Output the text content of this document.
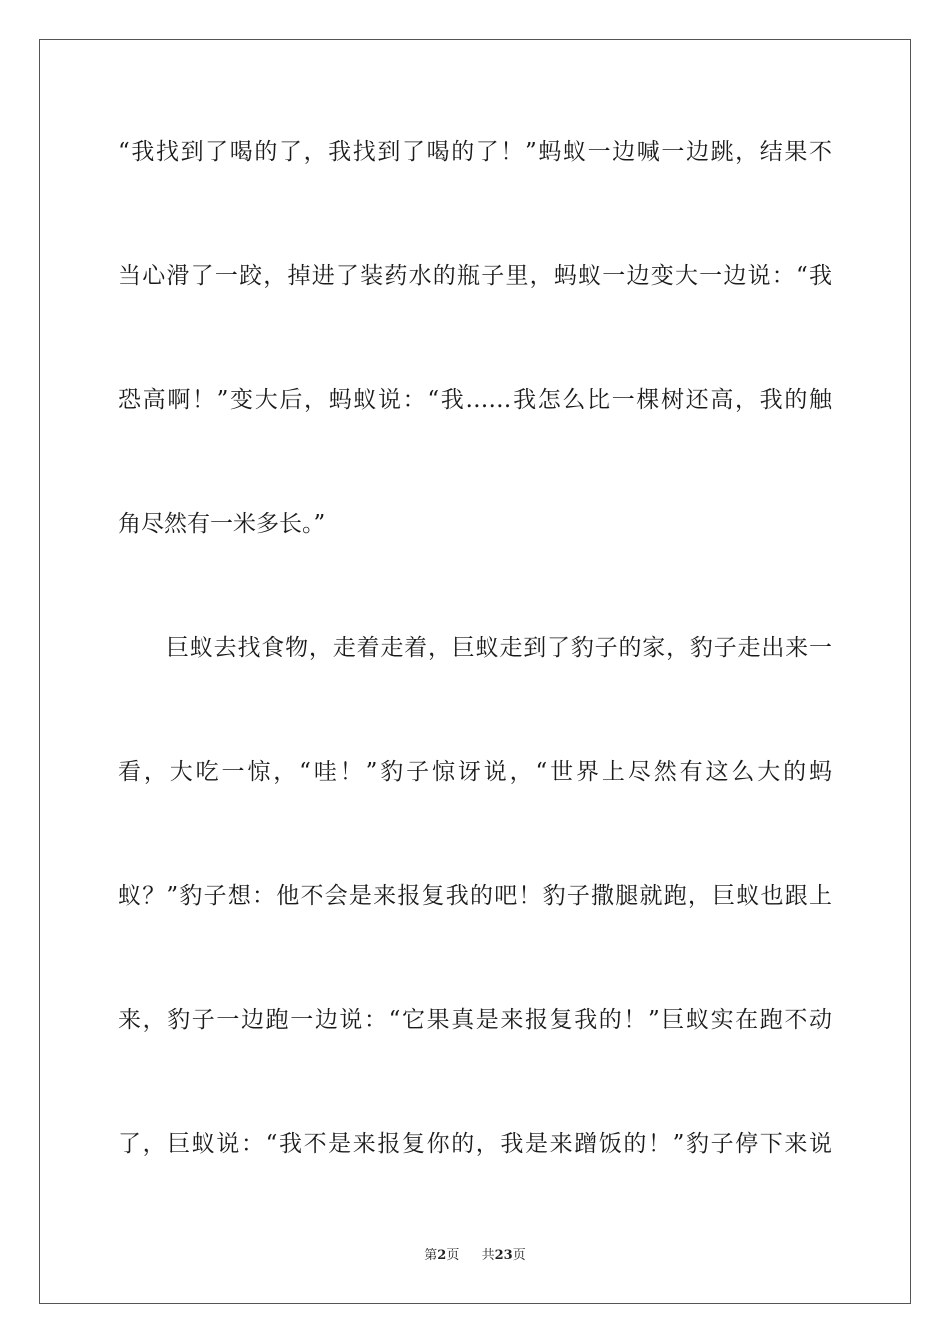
“我找到了喝的了，我找到了喝的了！”蚂蚁一边喊一边跳，结果不
当心滑了一跤，掉进了装药水的瓶子里，蚂蚁一边变大一边说：“我
恐高啊！”变大后，蚂蚁说：“我……我怎么比一棵树还高，我的触
角尽然有一米多长。”
巨蚁去找食物，走着走着，巨蚁走到了豹子的家，豹子走出来一
看，大吃一惊，“哇！”豹子惊讶说，“世界上尽然有这么大的蚂
蚁？”豹子想：他不会是来报复我的吧！豹子撒腿就跑，巨蚁也跟上
来，豹子一边跑一边说：“它果真是来报复我的！”巨蚁实在跑不动
了，巨蚁说：“我不是来报复你的，我是来蹭饭的！”豹子停下来说
第2页 共23页
